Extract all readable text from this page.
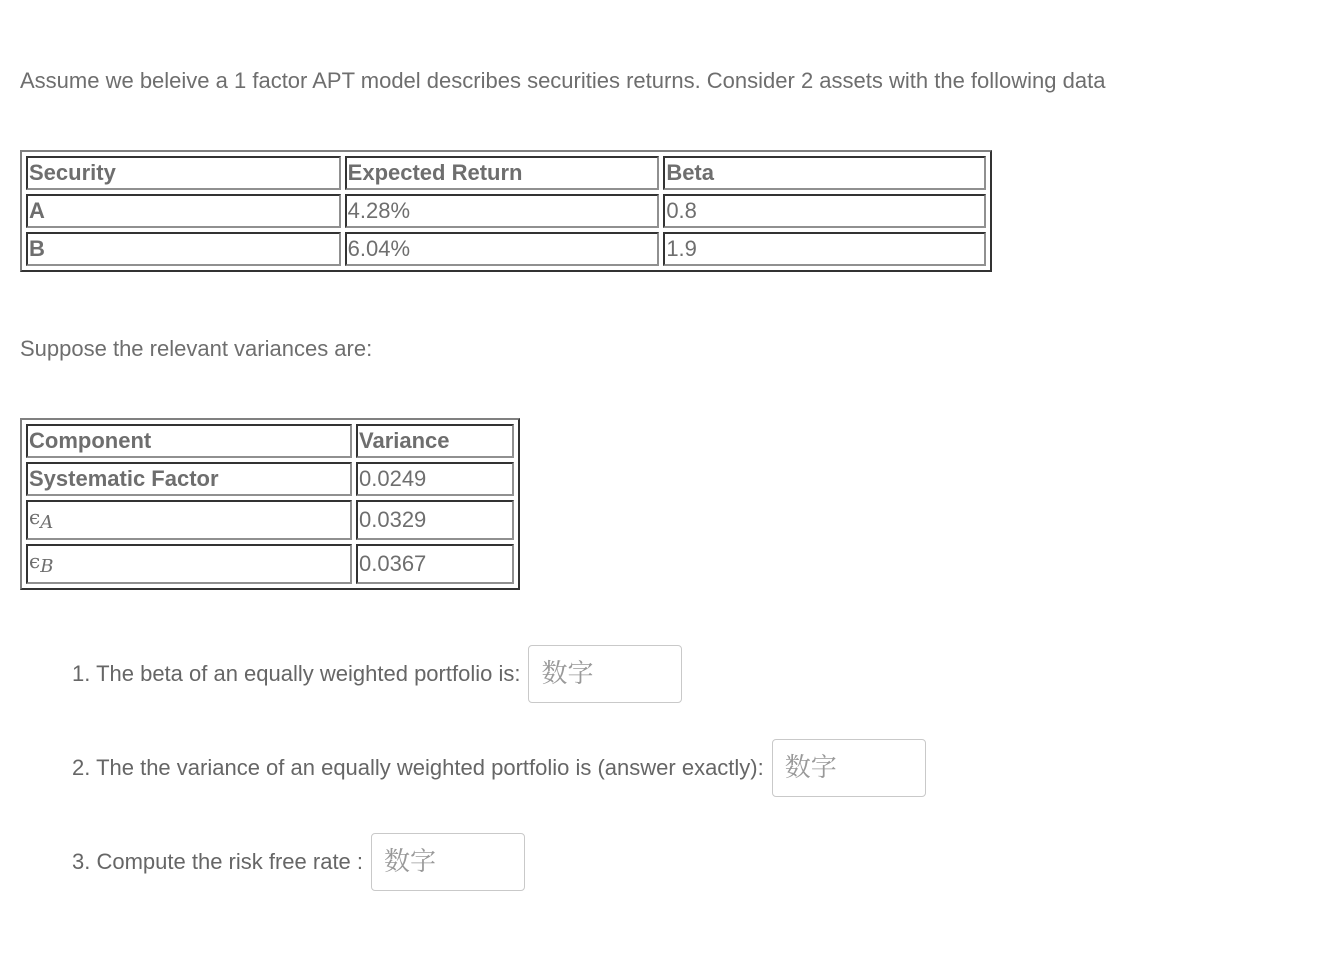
Assume we beleive a 1 factor APT model describes securities returns. Consider 2 assets with the following data

Security	Expected Return	Beta
A	4.28%	0.8
B	6.04%	1.9

Suppose the relevant variances are:

Component	Variance
Systematic Factor	0.0249
$\epsilon_A$	0.0329
$\epsilon_B$	0.0367
1. The beta of an equally weighted portfolio is:
数字
2. The the variance of an equally weighted portfolio is (answer exactly):
数字
3. Compute the risk free rate :
数字
